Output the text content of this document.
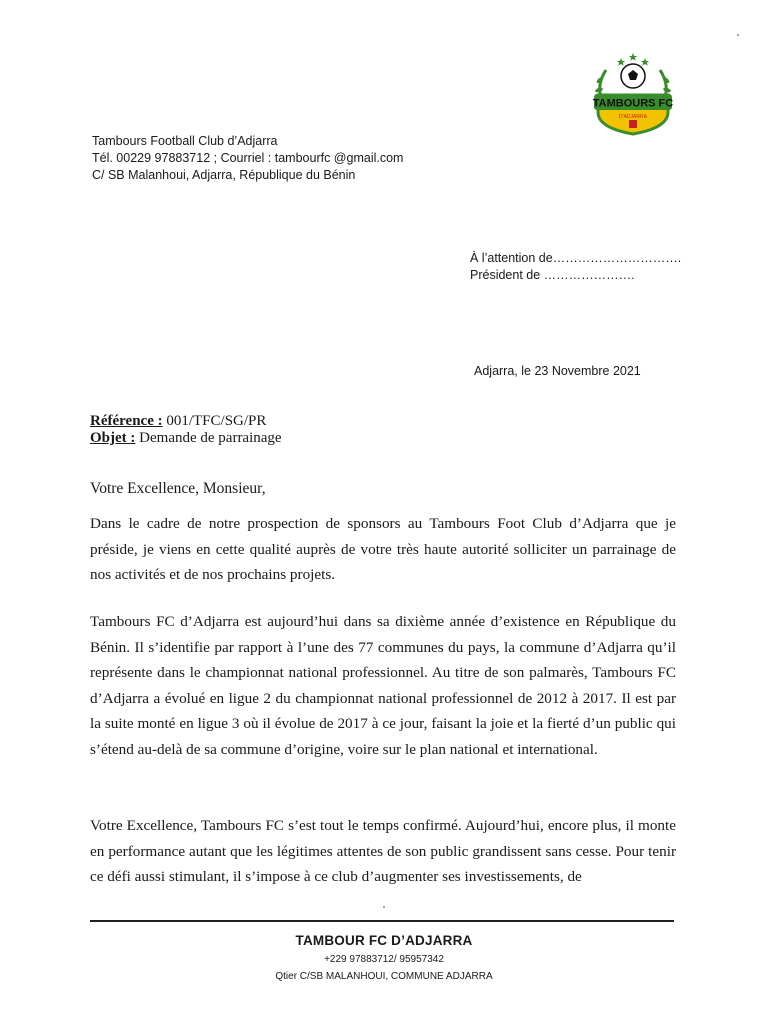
TAMBOURS FC
D'ADJARRA
Tambours Football Club d’Adjarra
Tél. 00229 97883712 ; Courriel : tambourfc @gmail.com
C/ SB Malanhoui, Adjarra, République du Bénin
À l’attention de………………………….
Président de ………………….
Adjarra, le 23 Novembre 2021
Référence : 001/TFC/SG/PR
Objet : Demande de parrainage
Votre Excellence, Monsieur,
Dans le cadre de notre prospection de sponsors au Tambours Foot Club d’Adjarra que je préside, je viens en cette qualité auprès de votre très haute autorité solliciter un parrainage de nos activités et de nos prochains projets.
Tambours FC d’Adjarra est aujourd’hui dans sa dixième année d’existence en République du Bénin. Il s’identifie par rapport à l’une des 77 communes du pays, la commune d’Adjarra qu’il représente dans le championnat national professionnel. Au titre de son palmarès, Tambours FC d’Adjarra a évolué en ligue 2 du championnat national professionnel de 2012 à 2017. Il est par la suite monté en ligue 3 où il évolue de 2017 à ce jour, faisant la joie et la fierté d’un public qui s’étend au-delà de sa commune d’origine, voire sur le plan national et international.
Votre Excellence, Tambours FC s’est tout le temps confirmé. Aujourd’hui, encore plus, il monte en performance autant que les légitimes attentes de son public grandissent sans cesse. Pour tenir ce défi aussi stimulant, il s’impose à ce club d’augmenter ses investissements, de
TAMBOUR FC D’ADJARRA
+229 97883712/ 95957342
Qtier C/SB MALANHOUI, COMMUNE ADJARRA
